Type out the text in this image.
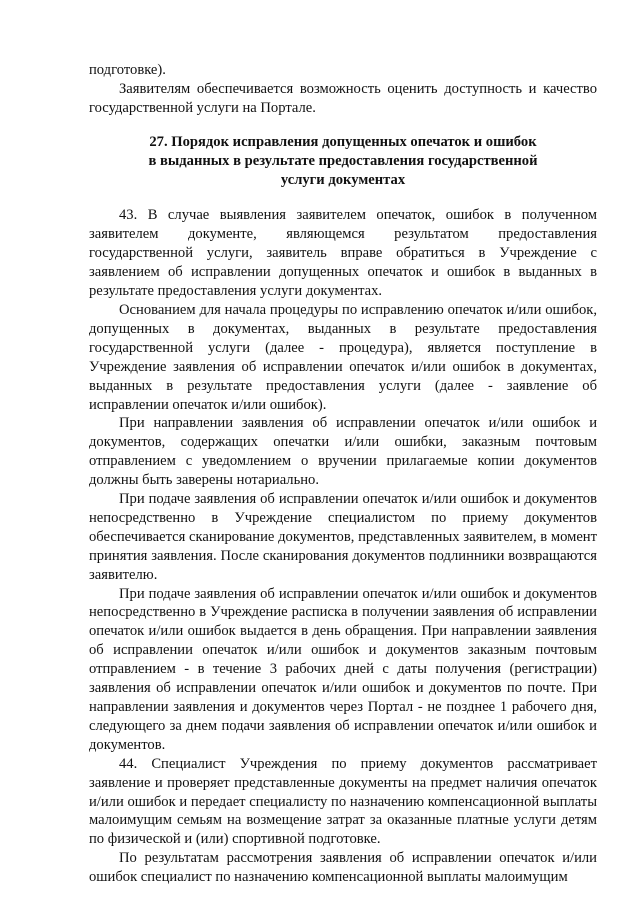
подготовке).

Заявителям обеспечивается возможность оценить доступность и качество государственной услуги на Портале.

27. Порядок исправления допущенных опечаток и ошибок
в выданных в результате предоставления государственной
услуги документах

43. В случае выявления заявителем опечаток, ошибок в полученном заявителем документе, являющемся результатом предоставления государственной услуги, заявитель вправе обратиться в Учреждение с заявлением об исправлении допущенных опечаток и ошибок в выданных в результате предоставления услуги документах.

Основанием для начала процедуры по исправлению опечаток и/или ошибок, допущенных в документах, выданных в результате предоставления государственной услуги (далее - процедура), является поступление в Учреждение заявления об исправлении опечаток и/или ошибок в документах, выданных в результате предоставления услуги (далее - заявление об исправлении опечаток и/или ошибок).

При направлении заявления об исправлении опечаток и/или ошибок и документов, содержащих опечатки и/или ошибки, заказным почтовым отправлением с уведомлением о вручении прилагаемые копии документов должны быть заверены нотариально.

При подаче заявления об исправлении опечаток и/или ошибок и документов непосредственно в Учреждение специалистом по приему документов обеспечивается сканирование документов, представленных заявителем, в момент принятия заявления. После сканирования документов подлинники возвращаются заявителю.

При подаче заявления об исправлении опечаток и/или ошибок и документов непосредственно в Учреждение расписка в получении заявления об исправлении опечаток и/или ошибок выдается в день обращения. При направлении заявления об исправлении опечаток и/или ошибок и документов заказным почтовым отправлением - в течение 3 рабочих дней с даты получения (регистрации) заявления об исправлении опечаток и/или ошибок и документов по почте. При направлении заявления и документов через Портал - не позднее 1 рабочего дня, следующего за днем подачи заявления об исправлении опечаток и/или ошибок и документов.

44. Специалист Учреждения по приему документов рассматривает заявление и проверяет представленные документы на предмет наличия опечаток и/или ошибок и передает специалисту по назначению компенсационной выплаты малоимущим семьям на возмещение затрат за оказанные платные услуги детям по физической и (или) спортивной подготовке.

По результатам рассмотрения заявления об исправлении опечаток и/или ошибок специалист по назначению компенсационной выплаты малоимущим
